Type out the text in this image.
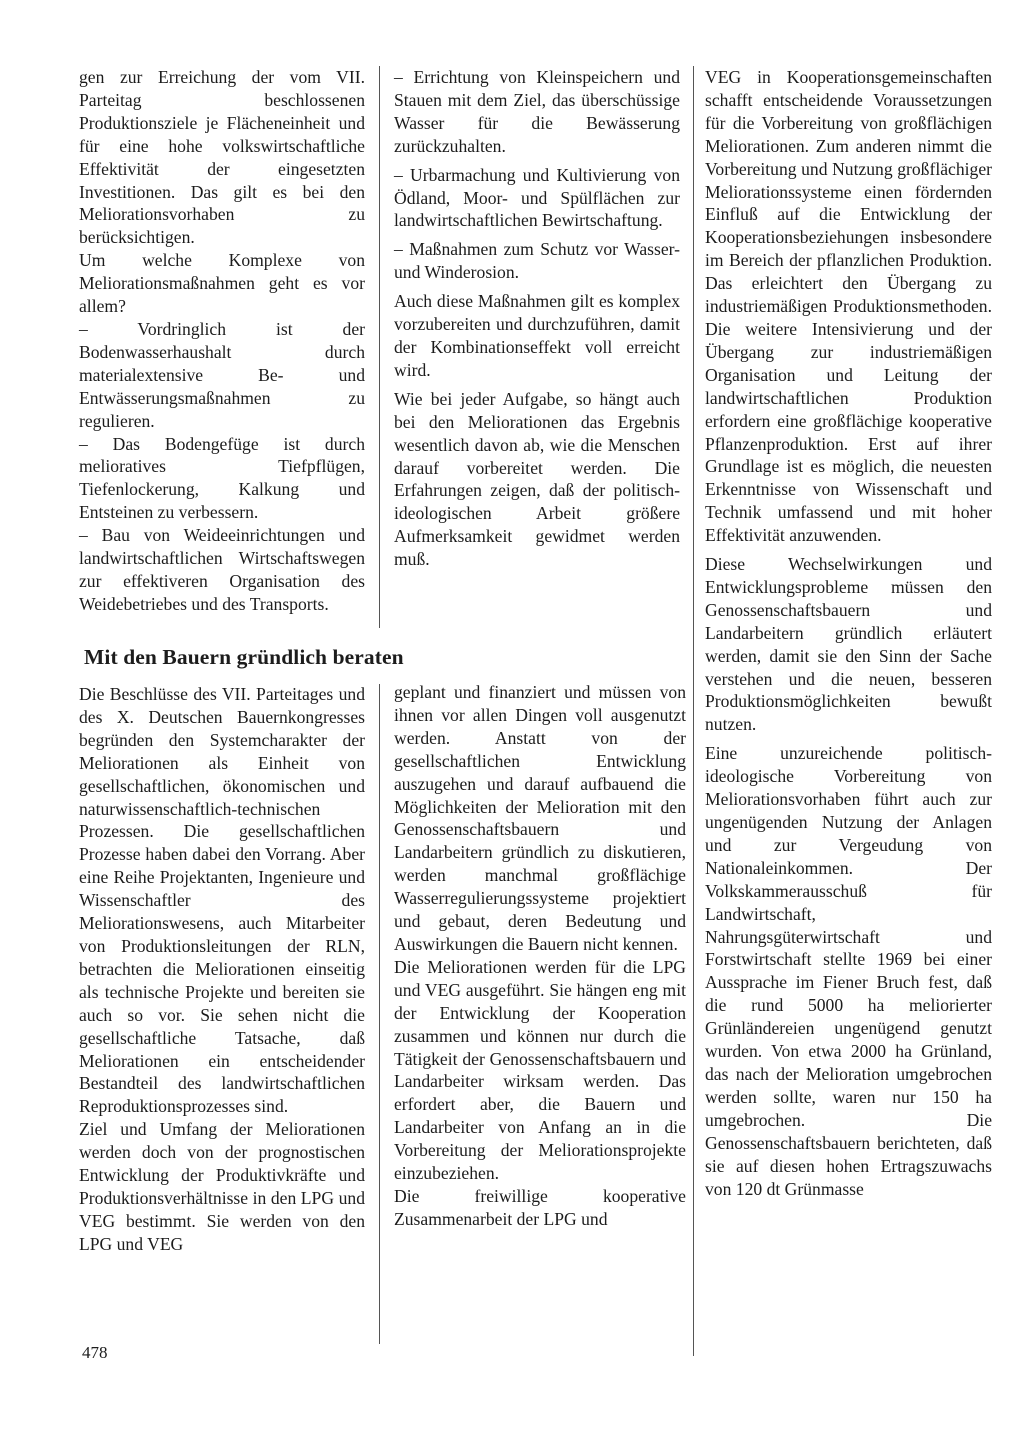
gen zur Erreichung der vom VII. Parteitag beschlossenen Produktionsziele je Flächeneinheit und für eine hohe volkswirtschaftliche Effektivität der eingesetzten Investitionen. Das gilt es bei den Meliorationsvorhaben zu berücksichtigen.

Um welche Komplexe von Meliorationsmaßnahmen geht es vor allem?

– Vordringlich ist der Bodenwasserhaushalt durch materialextensive Be- und Entwässerungsmaßnahmen zu regulieren.

– Das Bodengefüge ist durch melioratives Tiefpflügen, Tiefenlockerung, Kalkung und Entsteinen zu verbessern.

– Bau von Weideeinrichtungen und landwirtschaftlichen Wirtschaftswegen zur effektiveren Organisation des Weidebetriebes und des Transports.

– Errichtung von Kleinspeichern und Stauen mit dem Ziel, das überschüssige Wasser für die Bewässerung zurückzuhalten.

– Urbarmachung und Kultivierung von Ödland, Moor- und Spülflächen zur landwirtschaftlichen Bewirtschaftung.

– Maßnahmen zum Schutz vor Wasser- und Winderosion.

Auch diese Maßnahmen gilt es komplex vorzubereiten und durchzuführen, damit der Kombinationseffekt voll erreicht wird.

Wie bei jeder Aufgabe, so hängt auch bei den Meliorationen das Ergebnis wesentlich davon ab, wie die Menschen darauf vorbereitet werden. Die Erfahrungen zeigen, daß der politisch-ideologischen Arbeit größere Aufmerksamkeit gewidmet werden muß.

VEG in Kooperationsgemeinschaften schafft entscheidende Voraussetzungen für die Vorbereitung von großflächigen Meliorationen. Zum anderen nimmt die Vorbereitung und Nutzung großflächiger Meliorationssysteme einen fördernden Einfluß auf die Entwicklung der Kooperationsbeziehungen insbesondere im Bereich der pflanzlichen Produktion. Das erleichtert den Übergang zu industriemäßigen Produktionsmethoden. Die weitere Intensivierung und der Übergang zur industriemäßigen Organisation und Leitung der landwirtschaftlichen Produktion erfordern eine großflächige kooperative Pflanzenproduktion. Erst auf ihrer Grundlage ist es möglich, die neuesten Erkenntnisse von Wissenschaft und Technik umfassend und mit hoher Effektivität anzuwenden.

Diese Wechselwirkungen und Entwicklungsprobleme müssen den Genossenschaftsbauern und Landarbeitern gründlich erläutert werden, damit sie den Sinn der Sache verstehen und die neuen, besseren Produktionsmöglichkeiten bewußt nutzen.

Eine unzureichende politisch-ideologische Vorbereitung von Meliorationsvorhaben führt auch zur ungenügenden Nutzung der Anlagen und zur Vergeudung von Nationaleinkommen. Der Volkskammerausschuß für Landwirtschaft, Nahrungsgüterwirtschaft und Forstwirtschaft stellte 1969 bei einer Aussprache im Fiener Bruch fest, daß die rund 5000 ha meliorierter Grünländereien ungenügend genutzt wurden. Von etwa 2000 ha Grünland, das nach der Melioration umgebrochen werden sollte, waren nur 150 ha umgebrochen. Die Genossenschaftsbauern berichteten, daß sie auf diesen hohen Ertragszuwachs von 120 dt Grünmasse

Mit den Bauern gründlich beraten

Die Beschlüsse des VII. Parteitages und des X. Deutschen Bauernkongresses begründen den Systemcharakter der Meliorationen als Einheit von gesellschaftlichen, ökonomischen und naturwissenschaftlich-technischen Prozessen. Die gesellschaftlichen Prozesse haben dabei den Vorrang. Aber eine Reihe Projektanten, Ingenieure und Wissenschaftler des Meliorationswesens, auch Mitarbeiter von Produktionsleitungen der RLN, betrachten die Meliorationen einseitig als technische Projekte und bereiten sie auch so vor. Sie sehen nicht die gesellschaftliche Tatsache, daß Meliorationen ein entscheidender Bestandteil des landwirtschaftlichen Reproduktionsprozesses sind.

Ziel und Umfang der Meliorationen werden doch von der prognostischen Entwicklung der Produktivkräfte und Produktionsverhältnisse in den LPG und VEG bestimmt. Sie werden von den LPG und VEG

geplant und finanziert und müssen von ihnen vor allen Dingen voll ausgenutzt werden. Anstatt von der gesellschaftlichen Entwicklung auszugehen und darauf aufbauend die Möglichkeiten der Melioration mit den Genossenschaftsbauern und Landarbeitern gründlich zu diskutieren, werden manchmal großflächige Wasserregulierungssysteme projektiert und gebaut, deren Bedeutung und Auswirkungen die Bauern nicht kennen.

Die Meliorationen werden für die LPG und VEG ausgeführt. Sie hängen eng mit der Entwicklung der Kooperation zusammen und können nur durch die Tätigkeit der Genossenschaftsbauern und Landarbeiter wirksam werden. Das erfordert aber, die Bauern und Landarbeiter von Anfang an in die Vorbereitung der Meliorationsprojekte einzubeziehen.

Die freiwillige kooperative Zusammenarbeit der LPG und

478
